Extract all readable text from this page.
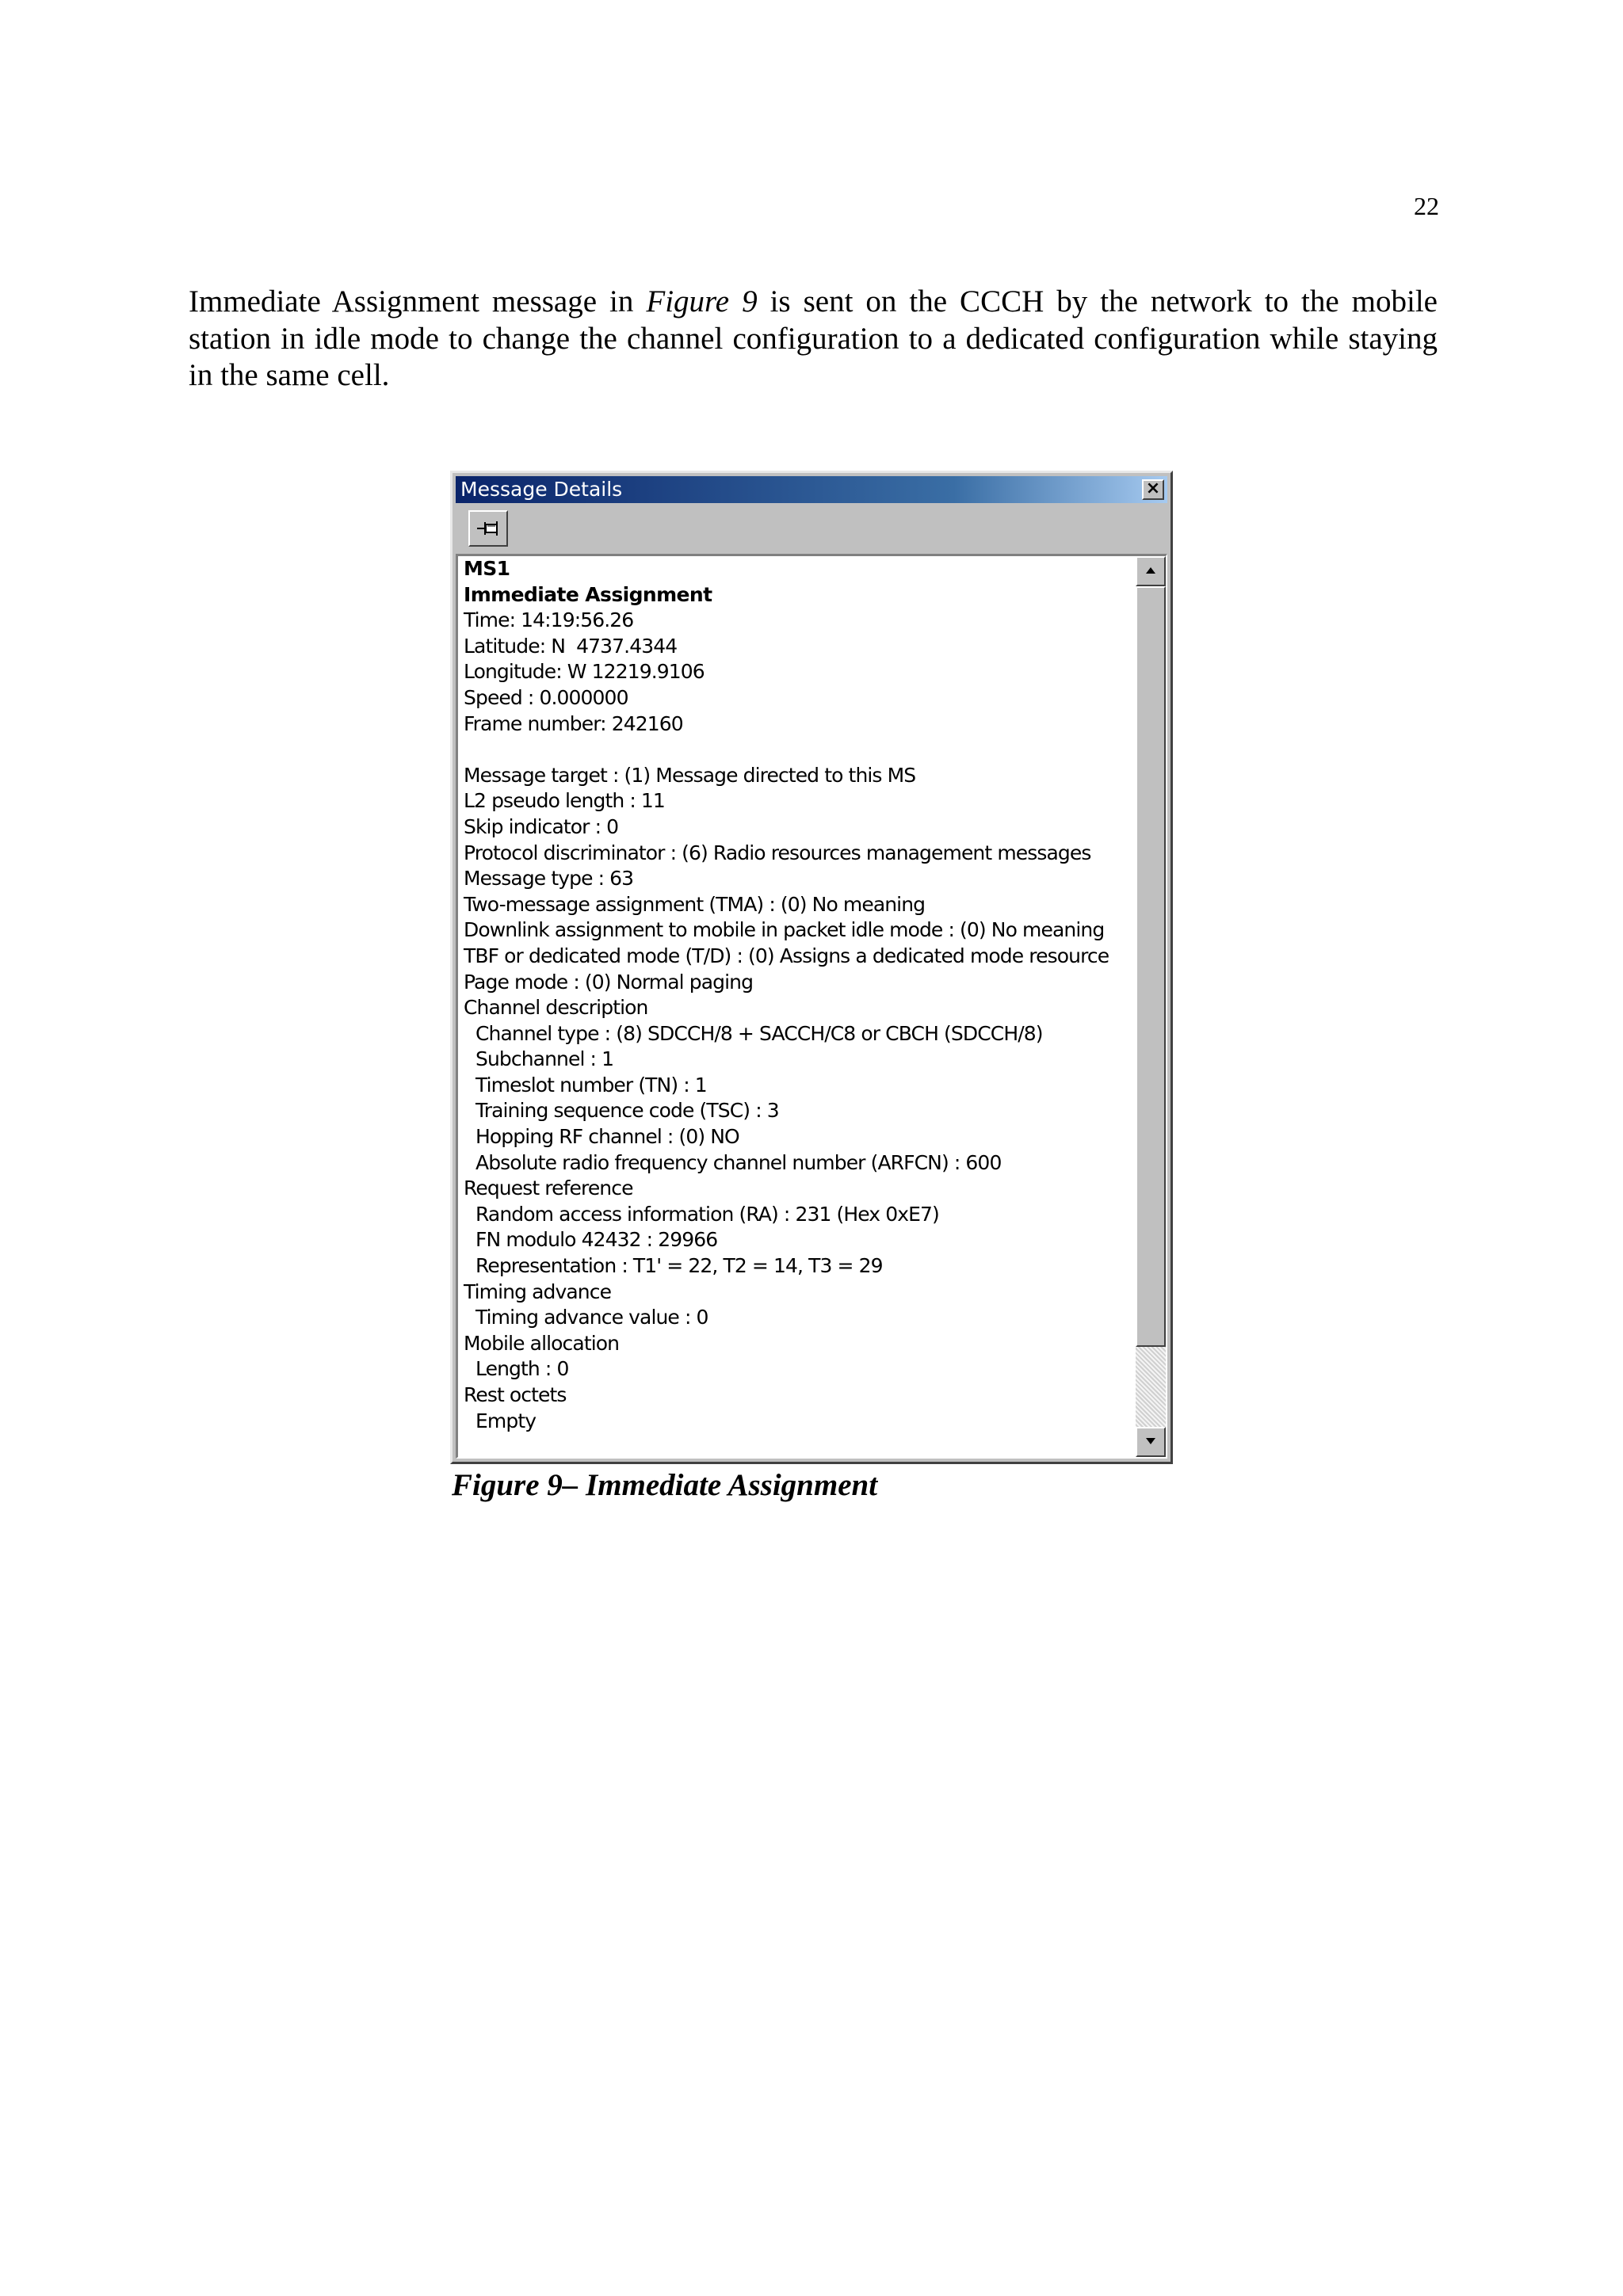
22

Immediate Assignment message in Figure 9 is sent on the CCCH by the network to the mobile station in idle mode to change the channel configuration to a dedicated configuration while staying in the same cell.

Message Details	×
MS1
Immediate Assignment
Time: 14:19:56.26
Latitude: N  4737.4344
Longitude: W 12219.9106
Speed : 0.000000
Frame number: 242160
Message target : (1) Message directed to this MS
L2 pseudo length : 11
Skip indicator : 0
Protocol discriminator : (6) Radio resources management messages
Message type : 63
Two-message assignment (TMA) : (0) No meaning
Downlink assignment to mobile in packet idle mode : (0) No meaning
TBF or dedicated mode (T/D) : (0) Assigns a dedicated mode resource
Page mode : (0) Normal paging
Channel description
Channel type : (8) SDCCH/8 + SACCH/C8 or CBCH (SDCCH/8)
Subchannel : 1
Timeslot number (TN) : 1
Training sequence code (TSC) : 3
Hopping RF channel : (0) NO
Absolute radio frequency channel number (ARFCN) : 600
Request reference
Random access information (RA) : 231 (Hex 0xE7)
FN modulo 42432 : 29966
Representation : T1' = 22, T2 = 14, T3 = 29
Timing advance
Timing advance value : 0
Mobile allocation
Length : 0
Rest octets
Empty
Figure 9– Immediate Assignment
